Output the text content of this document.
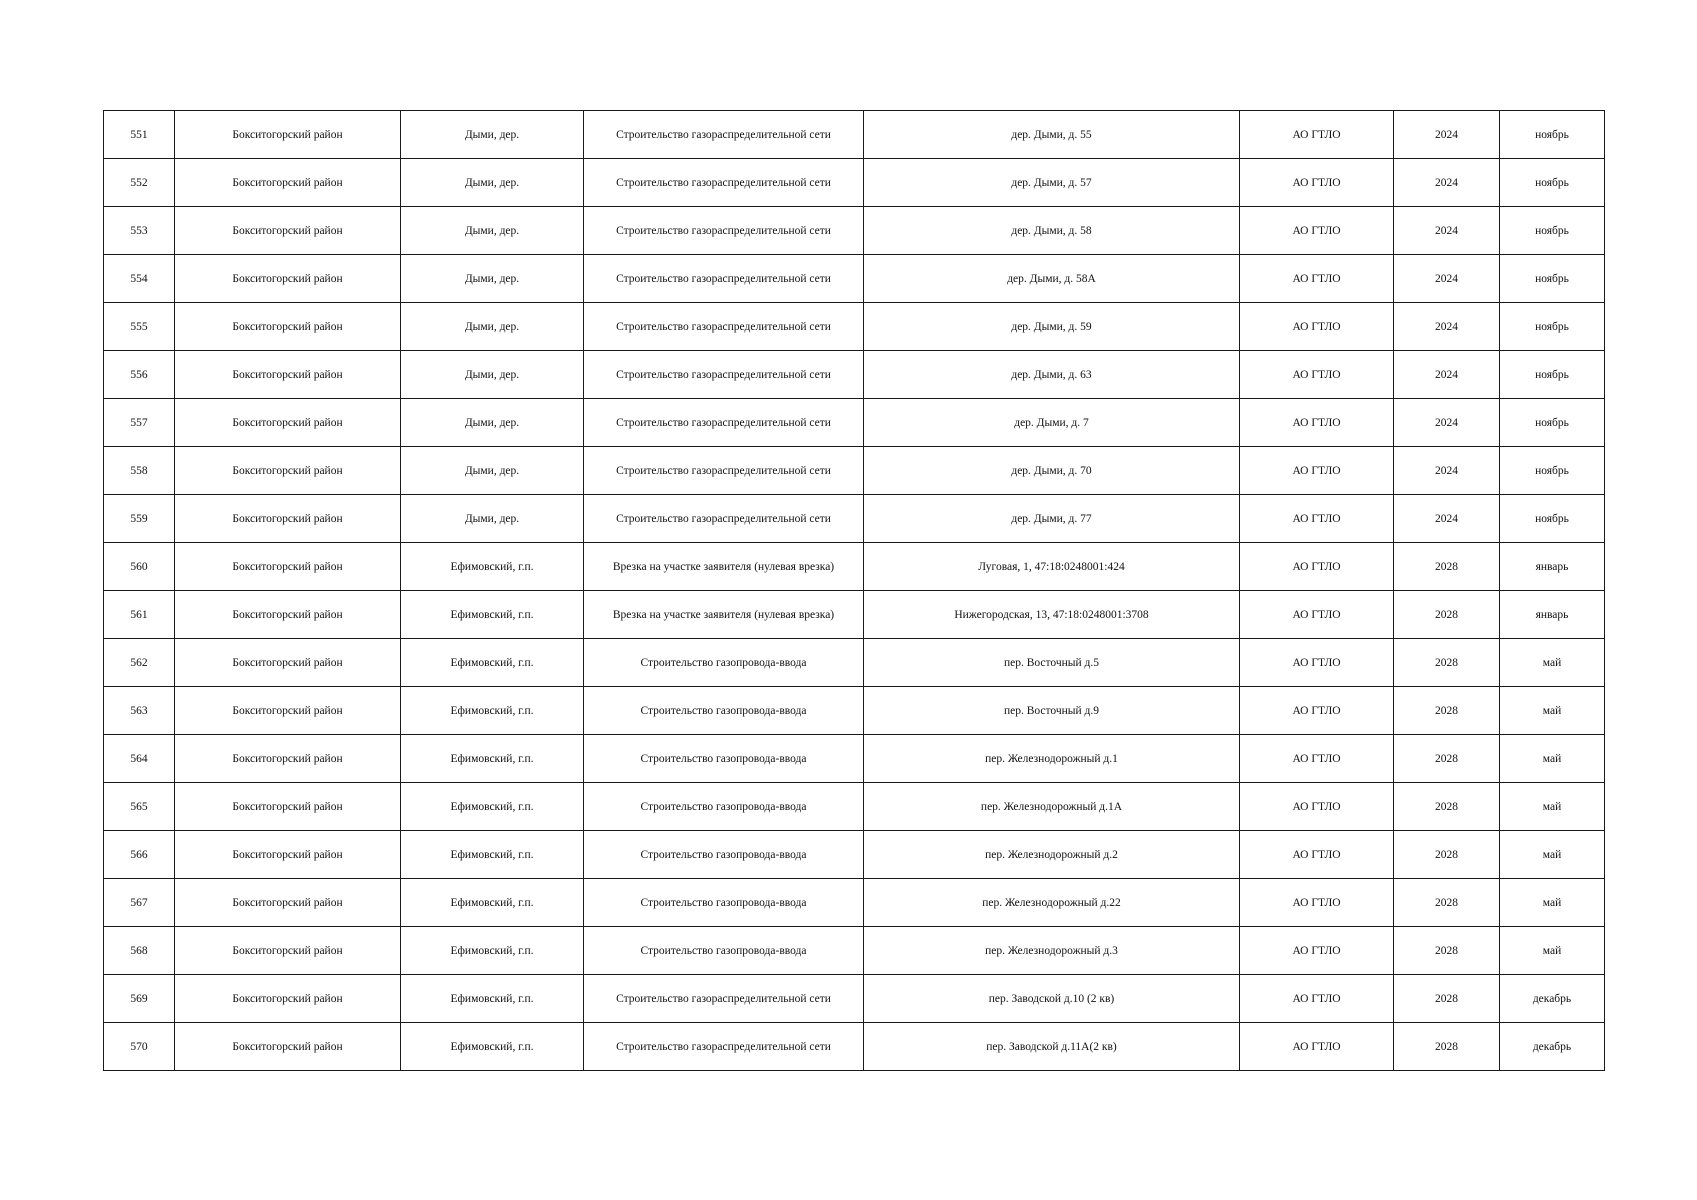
551	Бокситогорский район	Дыми, дер.	Строительство газораспределительной сети	дер. Дыми, д. 55	АО ГТЛО	2024	ноябрь
552	Бокситогорский район	Дыми, дер.	Строительство газораспределительной сети	дер. Дыми, д. 57	АО ГТЛО	2024	ноябрь
553	Бокситогорский район	Дыми, дер.	Строительство газораспределительной сети	дер. Дыми, д. 58	АО ГТЛО	2024	ноябрь
554	Бокситогорский район	Дыми, дер.	Строительство газораспределительной сети	дер. Дыми, д. 58А	АО ГТЛО	2024	ноябрь
555	Бокситогорский район	Дыми, дер.	Строительство газораспределительной сети	дер. Дыми, д. 59	АО ГТЛО	2024	ноябрь
556	Бокситогорский район	Дыми, дер.	Строительство газораспределительной сети	дер. Дыми, д. 63	АО ГТЛО	2024	ноябрь
557	Бокситогорский район	Дыми, дер.	Строительство газораспределительной сети	дер. Дыми, д. 7	АО ГТЛО	2024	ноябрь
558	Бокситогорский район	Дыми, дер.	Строительство газораспределительной сети	дер. Дыми, д. 70	АО ГТЛО	2024	ноябрь
559	Бокситогорский район	Дыми, дер.	Строительство газораспределительной сети	дер. Дыми, д. 77	АО ГТЛО	2024	ноябрь
560	Бокситогорский район	Ефимовский, г.п.	Врезка на участке заявителя (нулевая врезка)	Луговая, 1, 47:18:0248001:424	АО ГТЛО	2028	январь
561	Бокситогорский район	Ефимовский, г.п.	Врезка на участке заявителя (нулевая врезка)	Нижегородская, 13, 47:18:0248001:3708	АО ГТЛО	2028	январь
562	Бокситогорский район	Ефимовский, г.п.	Строительство газопровода-ввода	пер. Восточный д.5	АО ГТЛО	2028	май
563	Бокситогорский район	Ефимовский, г.п.	Строительство газопровода-ввода	пер. Восточный д.9	АО ГТЛО	2028	май
564	Бокситогорский район	Ефимовский, г.п.	Строительство газопровода-ввода	пер. Железнодорожный д.1	АО ГТЛО	2028	май
565	Бокситогорский район	Ефимовский, г.п.	Строительство газопровода-ввода	пер. Железнодорожный д.1А	АО ГТЛО	2028	май
566	Бокситогорский район	Ефимовский, г.п.	Строительство газопровода-ввода	пер. Железнодорожный д.2	АО ГТЛО	2028	май
567	Бокситогорский район	Ефимовский, г.п.	Строительство газопровода-ввода	пер. Железнодорожный д.22	АО ГТЛО	2028	май
568	Бокситогорский район	Ефимовский, г.п.	Строительство газопровода-ввода	пер. Железнодорожный д.3	АО ГТЛО	2028	май
569	Бокситогорский район	Ефимовский, г.п.	Строительство газораспределительной сети	пер. Заводской д.10 (2 кв)	АО ГТЛО	2028	декабрь
570	Бокситогорский район	Ефимовский, г.п.	Строительство газораспределительной сети	пер. Заводской д.11А(2 кв)	АО ГТЛО	2028	декабрь
